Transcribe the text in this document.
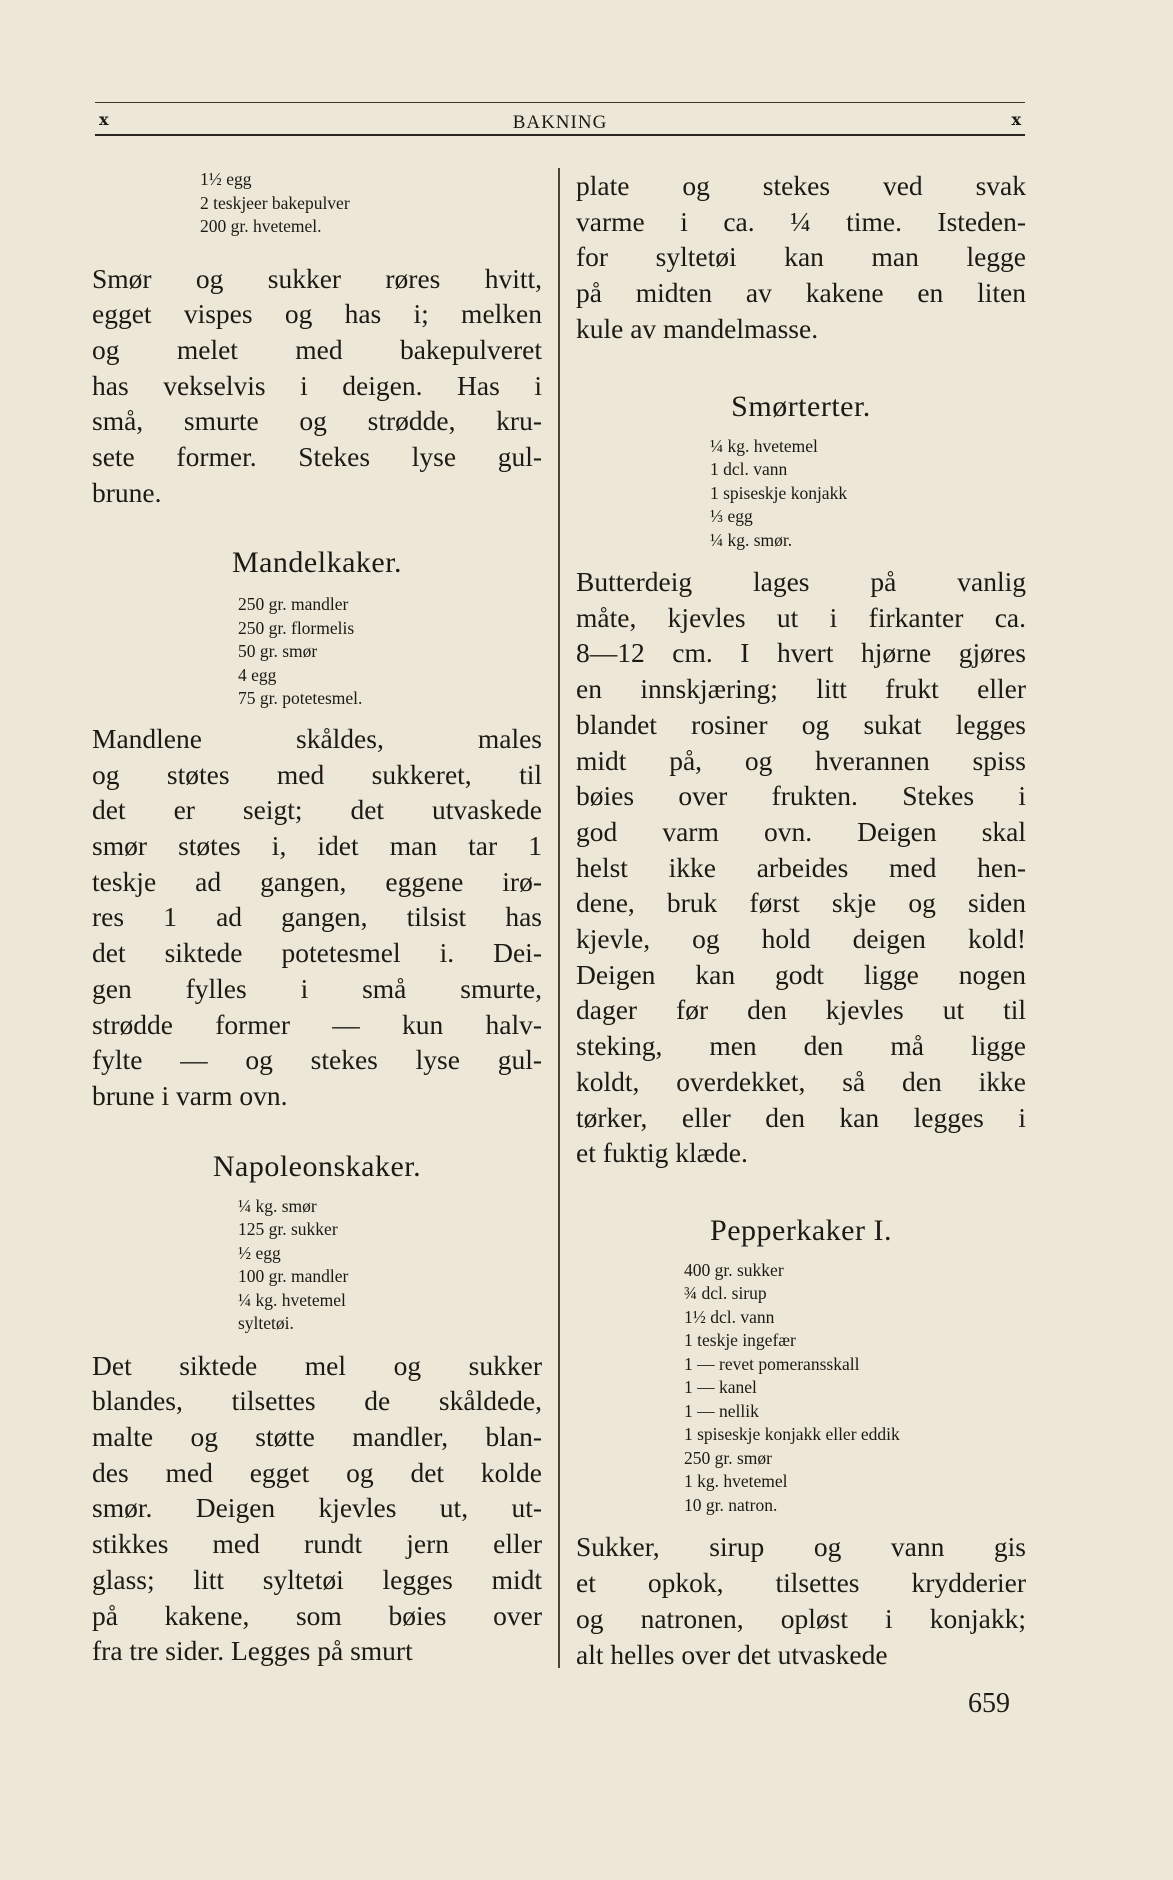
x	BAKNING	x
1½ egg
2 teskjeer bakepulver
200 gr. hvetemel.
Smør og sukker røres hvitt,
egget vispes og has i; melken
og melet med bakepulveret
has vekselvis i deigen. Has i
små, smurte og strødde, kru-
sete former. Stekes lyse gul-
brune.
Mandelkaker.
250 gr. mandler
250 gr. flormelis
50 gr. smør
4 egg
75 gr. potetesmel.
Mandlene skåldes, males
og støtes med sukkeret, til
det er seigt; det utvaskede
smør støtes i, idet man tar 1
teskje ad gangen, eggene irø-
res 1 ad gangen, tilsist has
det siktede potetesmel i. Dei-
gen fylles i små smurte,
strødde former — kun halv-
fylte — og stekes lyse gul-
brune i varm ovn.
Napoleonskaker.
¼ kg. smør
125 gr. sukker
½ egg
100 gr. mandler
¼ kg. hvetemel
syltetøi.
Det siktede mel og sukker
blandes, tilsettes de skåldede,
malte og støtte mandler, blan-
des med egget og det kolde
smør. Deigen kjevles ut, ut-
stikkes med rundt jern eller
glass; litt syltetøi legges midt
på kakene, som bøies over
fra tre sider. Legges på smurt
plate og stekes ved svak
varme i ca. ¼ time. Isteden-
for syltetøi kan man legge
på midten av kakene en liten
kule av mandelmasse.
Smørterter.
¼ kg. hvetemel
1 dcl. vann
1 spiseskje konjakk
⅓ egg
¼ kg. smør.
Butterdeig lages på vanlig
måte, kjevles ut i firkanter ca.
8—12 cm. I hvert hjørne gjøres
en innskjæring; litt frukt eller
blandet rosiner og sukat legges
midt på, og hverannen spiss
bøies over frukten. Stekes i
god varm ovn. Deigen skal
helst ikke arbeides med hen-
dene, bruk først skje og siden
kjevle, og hold deigen kold!
Deigen kan godt ligge nogen
dager før den kjevles ut til
steking, men den må ligge
koldt, overdekket, så den ikke
tørker, eller den kan legges i
et fuktig klæde.
Pepperkaker I.
400 gr. sukker
¾ dcl. sirup
1½ dcl. vann
1 teskje ingefær
1 — revet pomeransskall
1 — kanel
1 — nellik
1 spiseskje konjakk eller eddik
250 gr. smør
1 kg. hvetemel
10 gr. natron.
Sukker, sirup og vann gis
et opkok, tilsettes krydderier
og natronen, opløst i konjakk;
alt helles over det utvaskede
659
